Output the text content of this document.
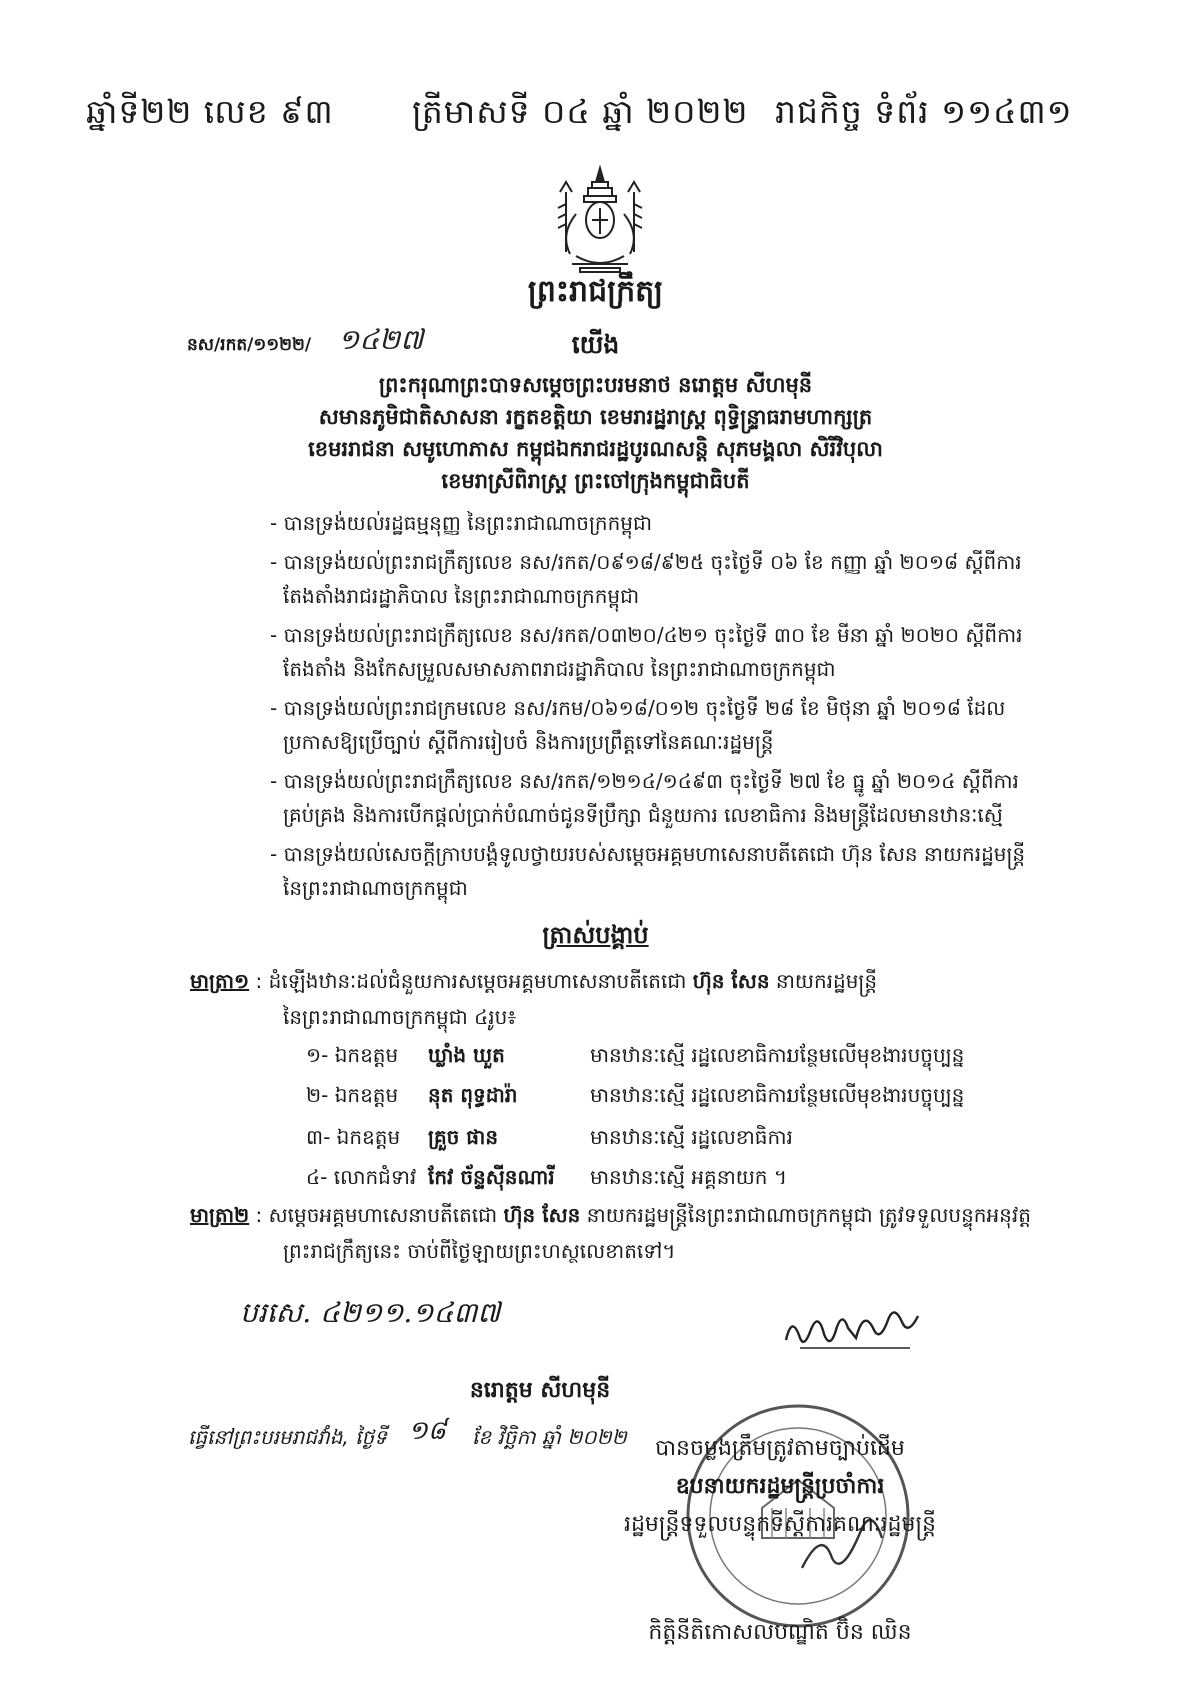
ឆ្នាំទី២២ លេខ ៩៣ ត្រីមាសទី ០៤ ឆ្នាំ ២០២២ រាជកិច្ច ទំព័រ ១១៤៣១
ព្រះរាជក្រឹត្យ
នស/រកត/១១២២/ ១៤២៧	យើង
ព្រះករុណាព្រះបាទសម្តេចព្រះបរមនាថ នរោត្តម សីហមុនី
សមានភូមិជាតិសាសនា រក្ខតខត្តិយា ខេមរារដ្ឋរាស្ត្រ ពុទ្ធិន្ទ្រាធរាមហាក្សត្រ
ខេមររាជនា សមូហោភាស កម្ពុជឯករាជរដ្ឋបូរណសន្តិ សុភមង្គលា សិរីវិបុលា
ខេមរាស្រីពិរាស្ត្រ ព្រះចៅក្រុងកម្ពុជាធិបតី
- បានទ្រង់យល់រដ្ឋធម្មនុញ្ញ នៃព្រះរាជាណាចក្រកម្ពុជា
- បានទ្រង់យល់ព្រះរាជក្រឹត្យលេខ នស/រកត/០៩១៨/៩២៥ ចុះថ្ងៃទី ០៦ ខែ កញ្ញា ឆ្នាំ ២០១៨ ស្តីពីការ
តែងតាំងរាជរដ្ឋាភិបាល នៃព្រះរាជាណាចក្រកម្ពុជា
- បានទ្រង់យល់ព្រះរាជក្រឹត្យលេខ នស/រកត/០៣២០/៤២១ ចុះថ្ងៃទី ៣០ ខែ មីនា ឆ្នាំ ២០២០ ស្តីពីការ
តែងតាំង និងកែសម្រួលសមាសភាពរាជរដ្ឋាភិបាល នៃព្រះរាជាណាចក្រកម្ពុជា
- បានទ្រង់យល់ព្រះរាជក្រមលេខ នស/រកម/០៦១៨/០១២ ចុះថ្ងៃទី ២៨ ខែ មិថុនា ឆ្នាំ ២០១៨ ដែល
ប្រកាសឱ្យប្រើច្បាប់ ស្តីពីការរៀបចំ និងការប្រព្រឹត្តទៅនៃគណៈរដ្ឋមន្ត្រី
- បានទ្រង់យល់ព្រះរាជក្រឹត្យលេខ នស/រកត/១២១៤/១៤៩៣ ចុះថ្ងៃទី ២៧ ខែ ធ្នូ ឆ្នាំ ២០១៤ ស្តីពីការ
គ្រប់គ្រង និងការបើកផ្តល់ប្រាក់បំណាច់ជូនទីប្រឹក្សា ជំនួយការ លេខាធិការ និងមន្ត្រីដែលមានឋានៈស្មើ
- បានទ្រង់យល់សេចក្តីក្រាបបង្គំទូលថ្វាយរបស់សម្តេចអគ្គមហាសេនាបតីតេជោ ហ៊ុន សែន នាយករដ្ឋមន្ត្រី
នៃព្រះរាជាណាចក្រកម្ពុជា
ត្រាស់បង្គាប់
មាត្រា១ : ដំឡើងឋានៈដល់ជំនួយការសម្តេចអគ្គមហាសេនាបតីតេជោ ហ៊ុន សែន នាយករដ្ឋមន្ត្រី
នៃព្រះរាជាណាចក្រកម្ពុជា ៤រូប៖
១- ឯកឧត្តម ឃ្លាំង ឃួត	មានឋានៈស្មើ រដ្ឋលេខាធិការ
បន្ថែមលើមុខងារបច្ចុប្បន្ន
២- ឯកឧត្តម នុត ពុទ្ធដារ៉ា	មានឋានៈស្មើ រដ្ឋលេខាធិការ
បន្ថែមលើមុខងារបច្ចុប្បន្ន
៣- ឯកឧត្តម គ្រួច ផាន	មានឋានៈស្មើ រដ្ឋលេខាធិការ
៤- លោកជំទាវ កែវ ច័ន្ទស៊ីនណារី មានឋានៈស្មើ អគ្គនាយក ។
មាត្រា២ : សម្តេចអគ្គមហាសេនាបតីតេជោ ហ៊ុន សែន នាយករដ្ឋមន្ត្រីនៃព្រះរាជាណាចក្រកម្ពុជា ត្រូវទទួលបន្ទុកអនុវត្ត
ព្រះរាជក្រឹត្យនេះ ចាប់ពីថ្ងៃឡាយព្រះហស្ថលេខាតទៅ។
បរសេ. ៤២១១.១៤៣៧
នរោត្តម សីហមុនី
ធ្វើនៅព្រះបរមរាជវាំង, ថ្ងៃទី ១៨ ខែ វិច្ឆិកា ឆ្នាំ ២០២២	បានចម្លងត្រឹមត្រូវតាមច្បាប់ដើម
ឧបនាយករដ្ឋមន្ត្រីប្រចាំការ
រដ្ឋមន្ត្រីទទួលបន្ទុកទីស្តីការគណៈរដ្ឋមន្ត្រី
កិត្តិនីតិកោសលបណ្ឌិត ប៊ិន ឈិន
